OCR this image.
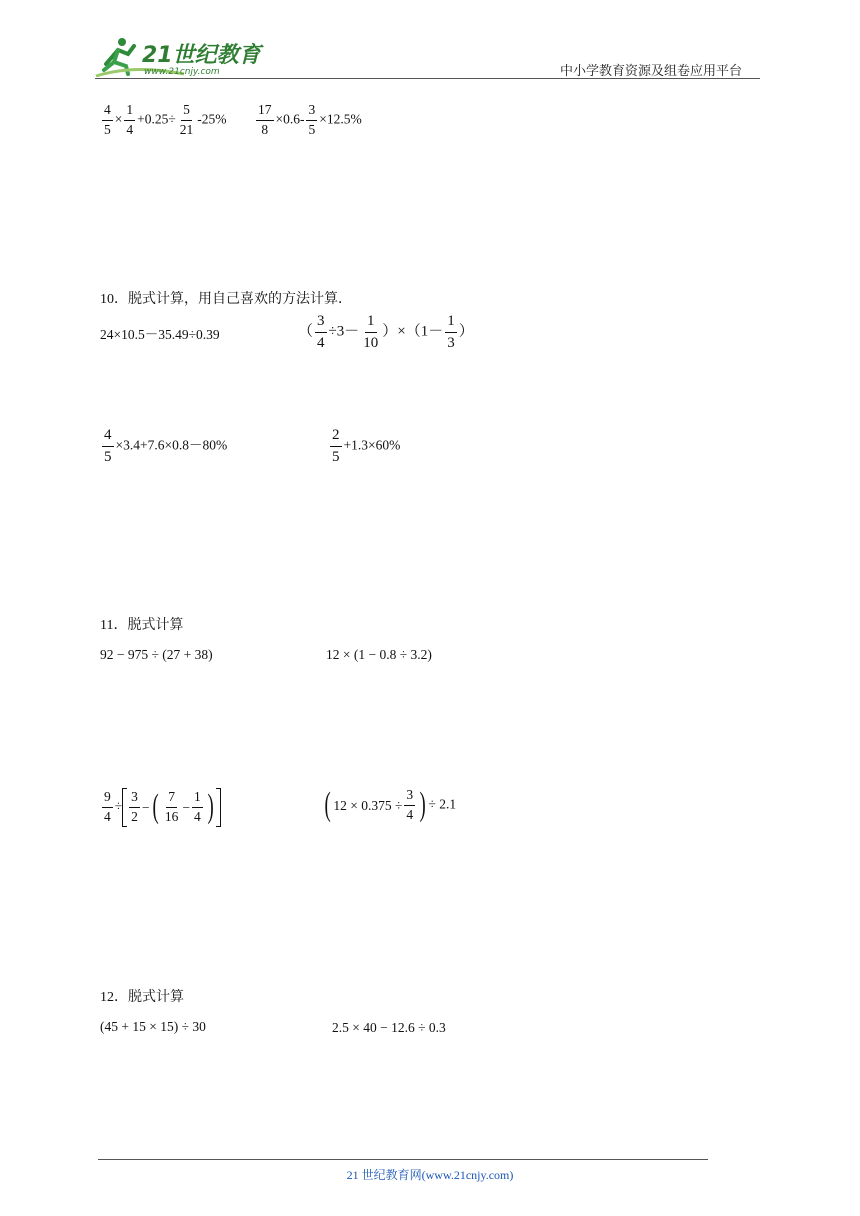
21世纪教育
www.21cnjy.com	中小学教育资源及组卷应用平台
$\frac{4}{5} \times \frac{1}{4} +0.25\div \frac{5}{21} -25\% \frac{17}{8} \times 0.6- \frac{3}{5} \times 12.5\%$
10．脱式计算，用自己喜欢的方法计算．
24×10.5－35.49÷0.39	（ $\frac{3}{4} \div 3- \frac{1}{10} )\times(1- \frac{1}{3}$ ）
$\frac{4}{5} \times 3.4+7.6\times 0.8-80\%$	$\frac{2}{5} +1.3\times 60\%$
11．脱式计算
92 − 975 ÷ (27 + 38)	12 × (1 − 0.8 ÷ 3.2)
$\frac{9}{4} \div \frac{3}{2}$ − ( $\frac{7}{16} - \frac{1}{4}$ )	( $12 \times 0.375 \div \frac{3}{4}$ ) ÷ 2.1
12．脱式计算
(45 + 15 × 15) ÷ 30	2.5 × 40 − 12.6 ÷ 0.3
21 世纪教育网(www.21cnjy.com)
